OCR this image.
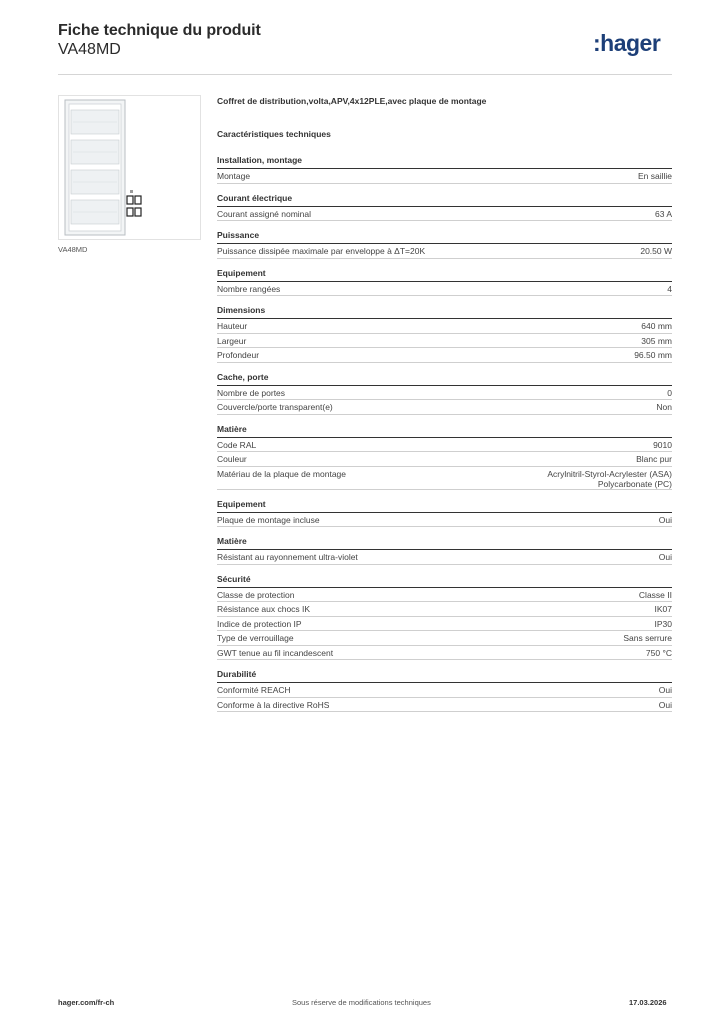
Fiche technique du produit
VA48MD	:hager
VA48MD
Coffret de distribution,volta,APV,4x12PLE,avec plaque de montage
Caractéristiques techniques
Installation, montage
Montage	En saillie
Courant électrique
Courant assigné nominal	63 A
Puissance
Puissance dissipée maximale par enveloppe à ΔT=20K	20.50 W
Equipement
Nombre rangées	4
Dimensions
Hauteur	640 mm
Largeur	305 mm
Profondeur	96.50 mm
Cache, porte
Nombre de portes	0
Couvercle/porte transparent(e)	Non
Matière
Code RAL	9010
Couleur	Blanc pur
Matériau de la plaque de montage	Acrylnitril-Styrol-Acrylester (ASA)
Polycarbonate (PC)
Equipement
Plaque de montage incluse	Oui
Matière
Résistant au rayonnement ultra-violet	Oui
Sécurité
Classe de protection	Classe II
Résistance aux chocs IK	IK07
Indice de protection IP	IP30
Type de verrouillage	Sans serrure
GWT tenue au fil incandescent	750 °C
Durabilité
Conformité REACH	Oui
Conforme à la directive RoHS	Oui
hager.com/fr-ch	Sous réserve de modifications techniques	17.03.2026
